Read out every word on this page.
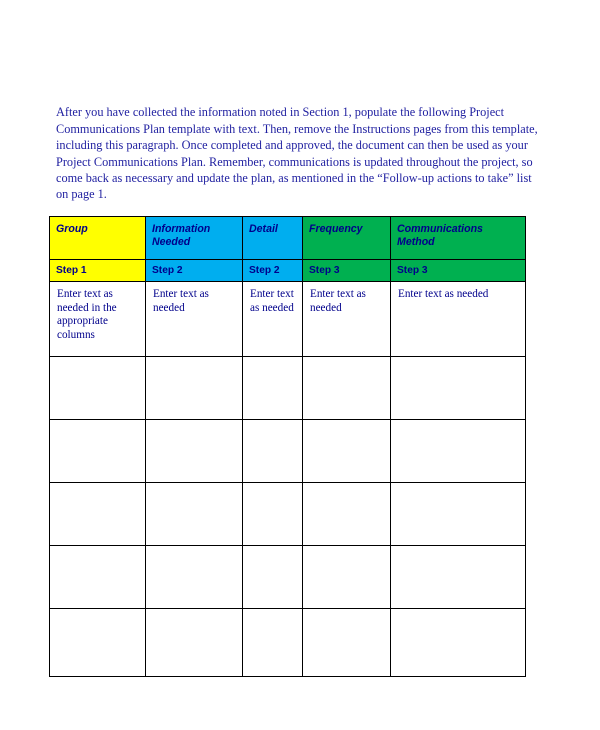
After you have collected the information noted in Section 1, populate the following Project Communications Plan template with text. Then, remove the Instructions pages from this template, including this paragraph. Once completed and approved, the document can then be used as your Project Communications Plan. Remember, communications is updated throughout the project, so come back as necessary and update the plan, as mentioned in the “Follow-up actions to take” list on page 1.

Group	Information Needed	Detail	Frequency	Communications Method
Step 1	Step 2	Step 2	Step 3	Step 3
Enter text as needed in the appropriate columns	Enter text as needed	Enter text as needed	Enter text as needed	Enter text as needed
